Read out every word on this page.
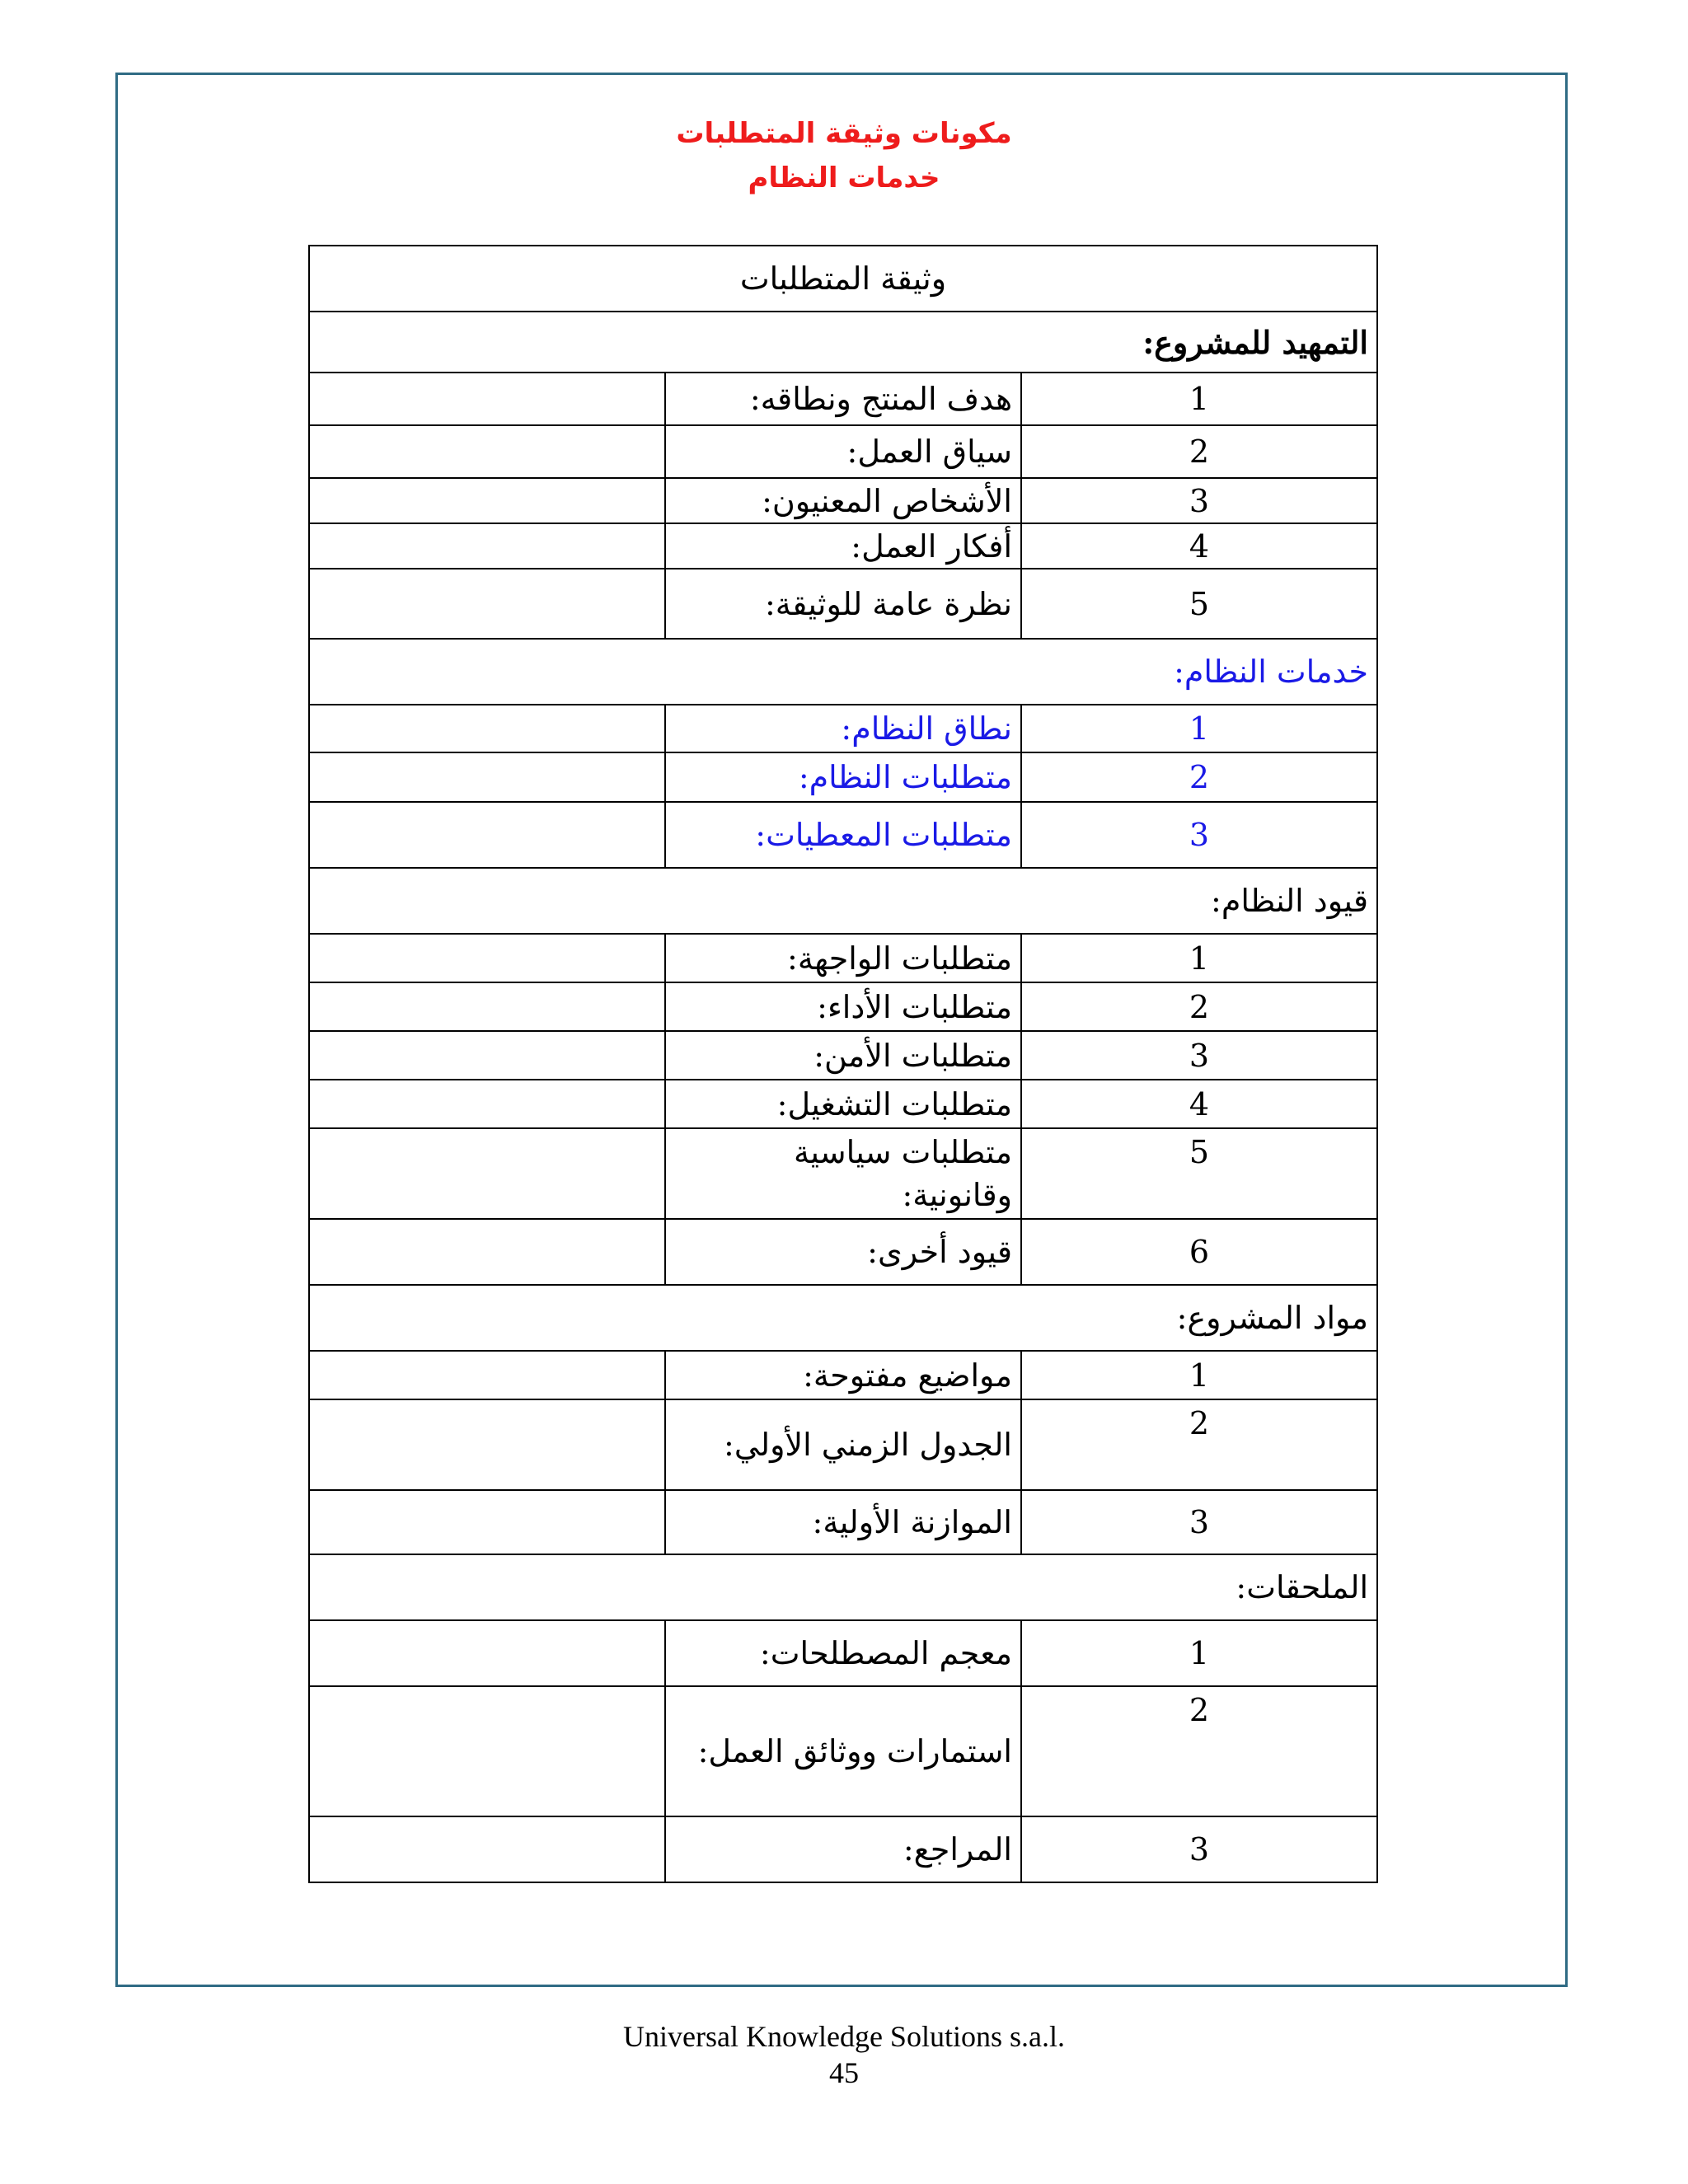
مكونات وثيقة المتطلبات
خدمات النظام
وثيقة المتطلبات		
التمهيد للمشروع:		
1	هدف المنتج ونطاقه:	
2	سياق العمل:	
3	الأشخاص المعنيون:	
4	أفكار العمل:	
5	نظرة عامة للوثيقة:	
خدمات النظام:		
1	نطاق النظام:	
2	متطلبات النظام:	
3	متطلبات المعطيات:	
قيود النظام:		
1	متطلبات الواجهة:	
2	متطلبات الأداء:	
3	متطلبات الأمن:	
4	متطلبات التشغيل:	
5	متطلبات سياسية وقانونية:	
6	قيود أخرى:	
مواد المشروع:		
1	مواضيع مفتوحة:	
2	الجدول الزمني الأولي:	
3	الموازنة الأولية:	
الملحقات:		
1	معجم المصطلحات:	
2	استمارات ووثائق العمل:	
3	المراجع:	
Universal Knowledge Solutions s.a.l.
45
